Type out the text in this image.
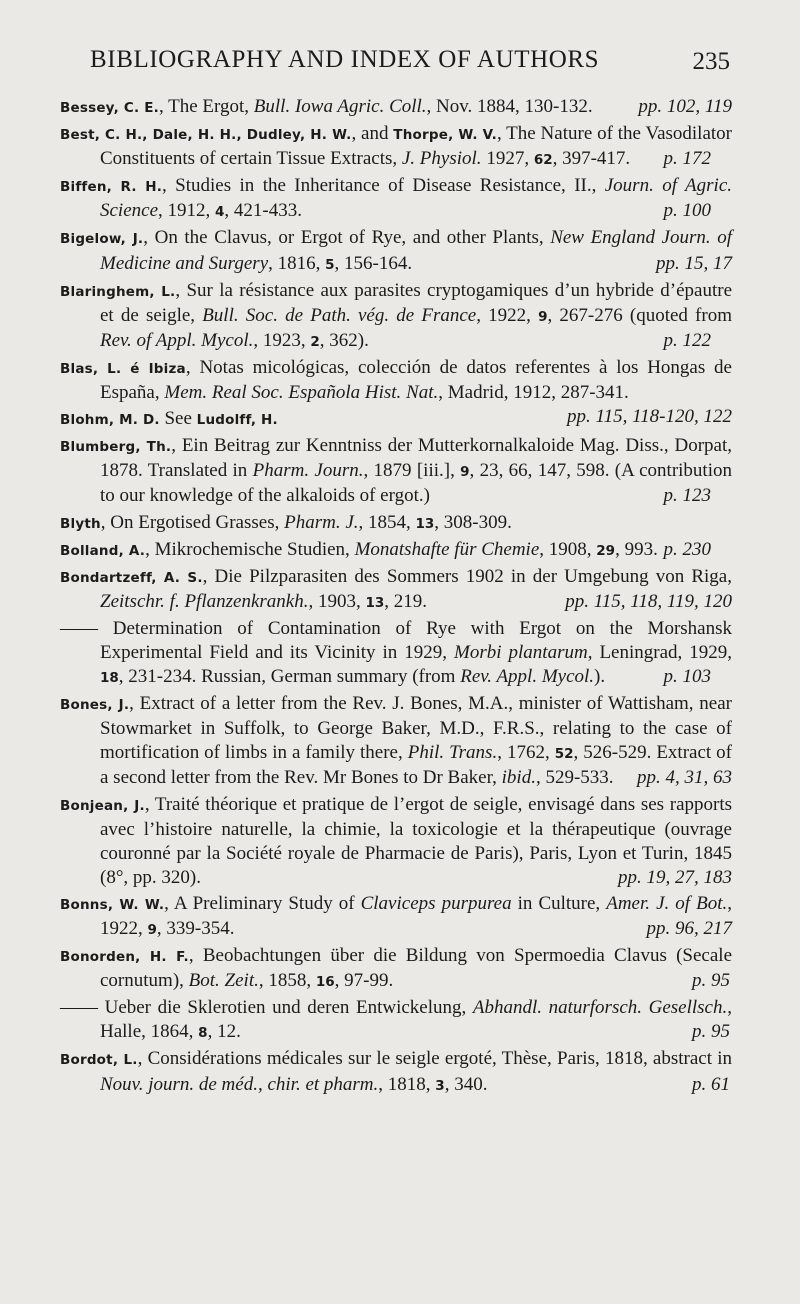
BIBLIOGRAPHY AND INDEX OF AUTHORS	235

Bessey, C. E., The Ergot, Bull. Iowa Agric. Coll., Nov. 1884, 130-132. pp. 102, 119

Best, C. H., Dale, H. H., Dudley, H. W., and Thorpe, W. V., The Nature of the Vasodilator Constituents of certain Tissue Extracts, J. Physiol. 1927, 62, 397-417. p. 172

Biffen, R. H., Studies in the Inheritance of Disease Resistance, II., Journ. of Agric. Science, 1912, 4, 421-433.	p. 100

Bigelow, J., On the Clavus, or Ergot of Rye, and other Plants, New England Journ. of Medicine and Surgery, 1816, 5, 156-164.	pp. 15, 17

Blaringhem, L., Sur la résistance aux parasites cryptogamiques d’un hybride d’épautre et de seigle, Bull. Soc. de Path. vég. de France, 1922, 9, 267-276 (quoted from Rev. of Appl. Mycol., 1923, 2, 362).	p. 122

Blas, L. é Ibiza, Notas micológicas, colección de datos referentes à los Hongas de España, Mem. Real Soc. Española Hist. Nat., Madrid, 1912, 287-341.
pp. 115, 118-120, 122

Blohm, M. D. See Ludolff, H.

Blumberg, Th., Ein Beitrag zur Kenntniss der Mutterkornalkaloide Mag. Diss., Dorpat, 1878. Translated in Pharm. Journ., 1879 [iii.], 9, 23, 66, 147, 598. (A contribution to our knowledge of the alkaloids of ergot.)	p. 123

Blyth, On Ergotised Grasses, Pharm. J., 1854, 13, 308-309.

Bolland, A., Mikrochemische Studien, Monatshafte für Chemie, 1908, 29, 993. p. 230

Bondartzeff, A. S., Die Pilzparasiten des Sommers 1902 in der Umgebung von Riga, Zeitschr. f. Pflanzenkrankh., 1903, 13, 219.	pp. 115, 118, 119, 120

—— Determination of Contamination of Rye with Ergot on the Morshansk Experimental Field and its Vicinity in 1929, Morbi plantarum, Leningrad, 1929, 18, 231-234. Russian, German summary (from Rev. Appl. Mycol.).	p. 103

Bones, J., Extract of a letter from the Rev. J. Bones, M.A., minister of Wattisham, near Stowmarket in Suffolk, to George Baker, M.D., F.R.S., relating to the case of mortification of limbs in a family there, Phil. Trans., 1762, 52, 526-529. Extract of a second letter from the Rev. Mr Bones to Dr Baker, ibid., 529-533. pp. 4, 31, 63

Bonjean, J., Traité théorique et pratique de l’ergot de seigle, envisagé dans ses rapports avec l’histoire naturelle, la chimie, la toxicologie et la thérapeutique (ouvrage couronné par la Société royale de Pharmacie de Paris), Paris, Lyon et Turin, 1845 (8°, pp. 320).	pp. 19, 27, 183

Bonns, W. W., A Preliminary Study of Claviceps purpurea in Culture, Amer. J. of Bot., 1922, 9, 339-354.	pp. 96, 217

Bonorden, H. F., Beobachtungen über die Bildung von Spermoedia Clavus (Secale cornutum), Bot. Zeit., 1858, 16, 97-99.	p. 95

—— Ueber die Sklerotien und deren Entwickelung, Abhandl. naturforsch. Gesellsch., Halle, 1864, 8, 12.	p. 95

Bordot, L., Considérations médicales sur le seigle ergoté, Thèse, Paris, 1818, abstract in Nouv. journ. de méd., chir. et pharm., 1818, 3, 340.	p. 61
